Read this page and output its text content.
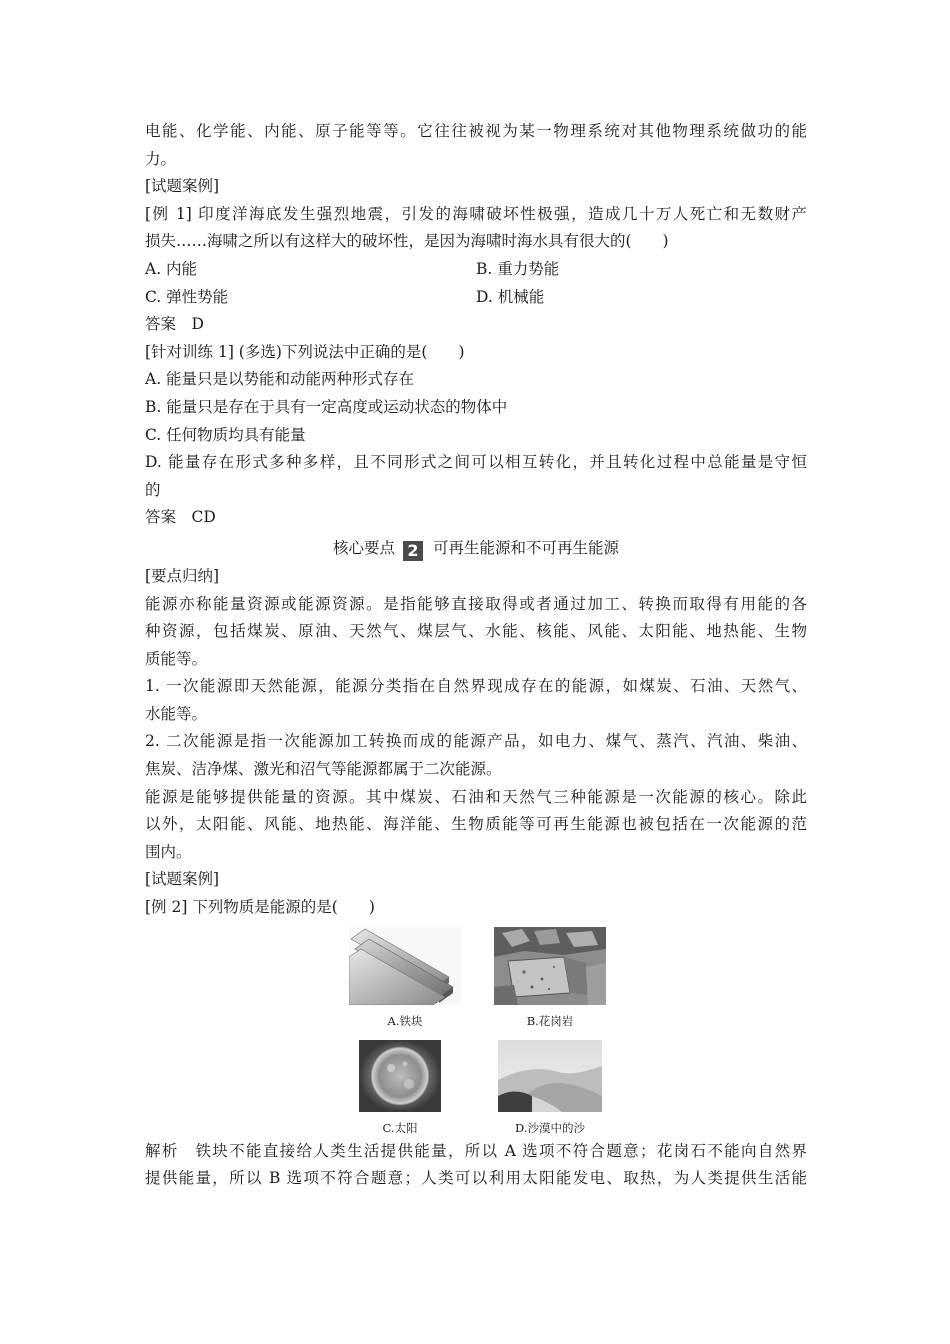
电能、化学能、内能、原子能等等。它往往被视为某一物理系统对其他物理系统做功的能
力。
[试题案例]
[例 1] 印度洋海底发生强烈地震，引发的海啸破坏性极强，造成几十万人死亡和无数财产
损失……海啸之所以有这样大的破坏性，是因为海啸时海水具有很大的(　　)
A. 内能	B. 重力势能
C. 弹性势能	D. 机械能
答案　D
[针对训练 1] (多选)下列说法中正确的是(　　)
A. 能量只是以势能和动能两种形式存在
B. 能量只是存在于具有一定高度或运动状态的物体中
C. 任何物质均具有能量
D. 能量存在形式多种多样，且不同形式之间可以相互转化，并且转化过程中总能量是守恒
的
答案　CD
核心要点 2 可再生能源和不可再生能源
[要点归纳]
能源亦称能量资源或能源资源。是指能够直接取得或者通过加工、转换而取得有用能的各
种资源，包括煤炭、原油、天然气、煤层气、水能、核能、风能、太阳能、地热能、生物
质能等。
1. 一次能源即天然能源，能源分类指在自然界现成存在的能源，如煤炭、石油、天然气、
水能等。
2. 二次能源是指一次能源加工转换而成的能源产品，如电力、煤气、蒸汽、汽油、柴油、
焦炭、洁净煤、激光和沼气等能源都属于二次能源。
能源是能够提供能量的资源。其中煤炭、石油和天然气三种能源是一次能源的核心。除此
以外，太阳能、风能、地热能、海洋能、生物质能等可再生能源也被包括在一次能源的范
围内。
[试题案例]
[例 2] 下列物质是能源的是(　　)
A.铁块	B.花岗岩
C.太阳	D.沙漠中的沙
解析　铁块不能直接给人类生活提供能量，所以 A 选项不符合题意；花岗石不能向自然界
提供能量，所以 B 选项不符合题意；人类可以利用太阳能发电、取热，为人类提供生活能
